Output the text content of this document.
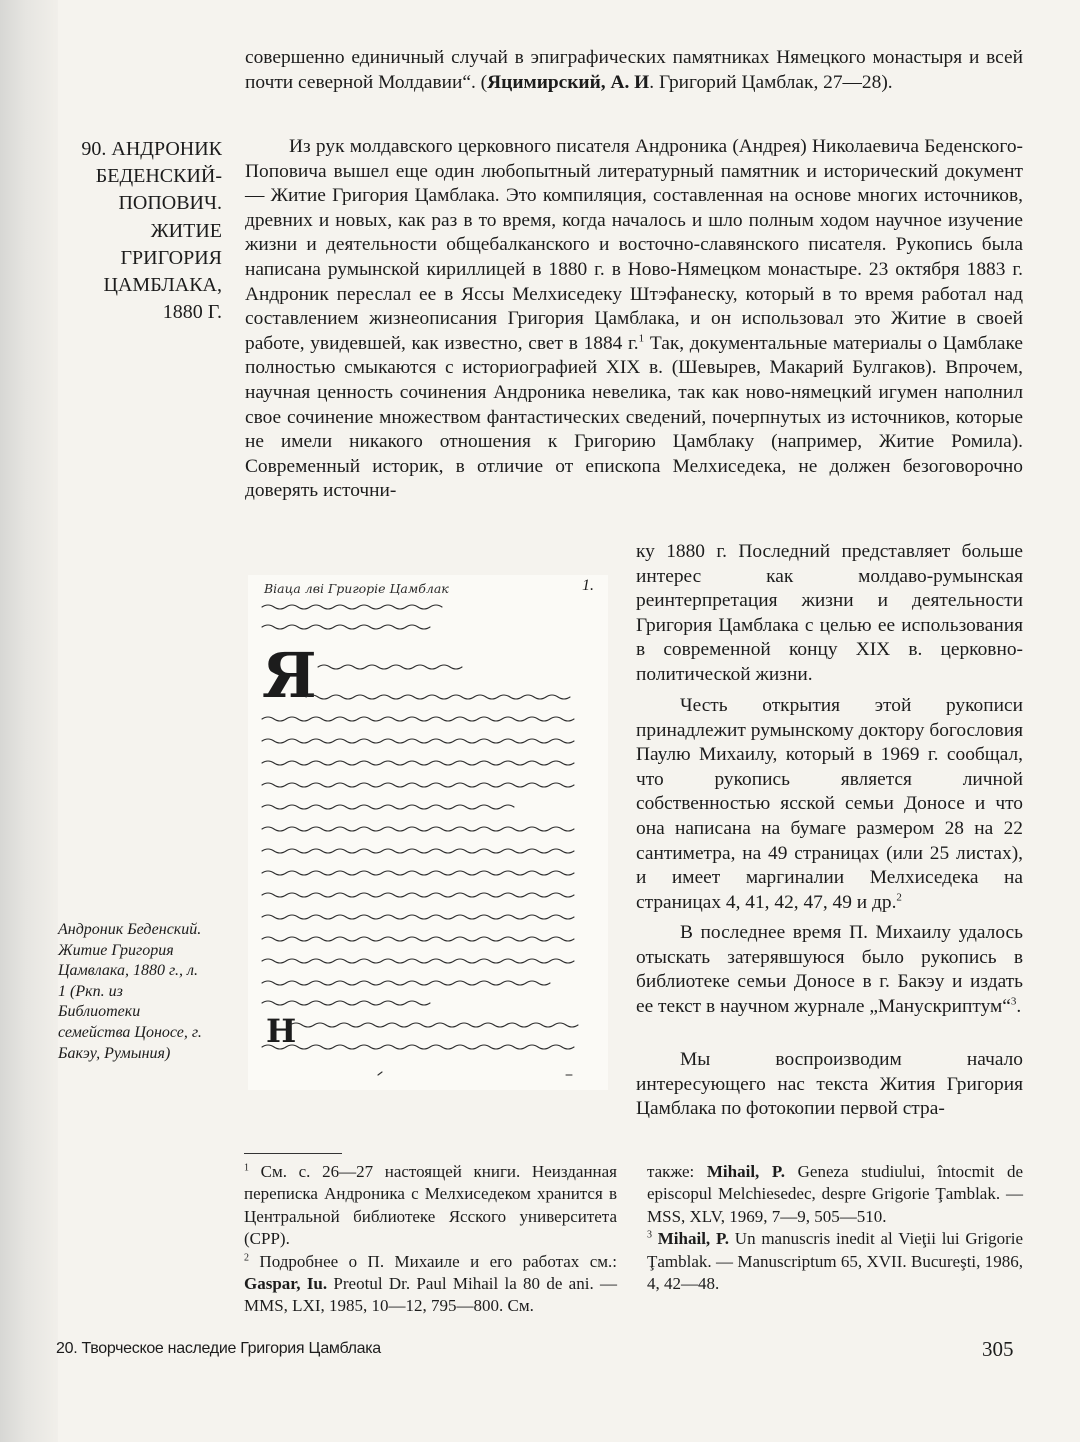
совершенно единичный случай в эпиграфических памятниках Нямецкого монастыря и всей почти северной Молдавии“. (Яцимирский, А. И. Григорий Цамблак, 27—28).

90. АНДРОНИК
БЕДЕНСКИЙ-
ПОПОВИЧ.
ЖИТИЕ
ГРИГОРИЯ
ЦАМБЛАКА,
1880 Г.

Из рук молдавского церковного писателя Андроника (Андрея) Николаевича Беденского-Поповича вышел еще один любопытный литературный памятник и исторический документ — Житие Григория Цамблака. Это компиляция, составленная на основе многих источников, древних и новых, как раз в то время, когда началось и шло полным ходом научное изучение жизни и деятельности общебалканского и восточно-славянского писателя. Рукопись была написана румынской кириллицей в 1880 г. в Ново-Нямецком монастыре. 23 октября 1883 г. Андроник переслал ее в Яссы Мелхиседеку Штэфанеску, который в то время работал над составлением жизнеописания Григория Цамблака, и он использовал это Житие в своей работе, увидевшей, как известно, свет в 1884 г.$^1$ Так, документальные материалы о Цамблаке полностью смыкаются с историографией XIX в. (Шевырев, Макарий Булгаков). Впрочем, научная ценность сочинения Андроника невелика, так как ново-нямецкий игумен наполнил свое сочинение множеством фантастических сведений, почерпнутых из источников, которые не имели никакого отношения к Григорию Цамблаку (например, Житие Ромила). Современный историк, в отличие от епископа Мелхиседека, не должен безоговорочно доверять источни-

ку 1880 г. Последний представляет больше интерес как молдаво-румынская реинтерпретация жизни и деятельности Григория Цамблака с целью ее использования в современной концу XIX в. церковно-политической жизни.

Честь открытия этой рукописи принадлежит румынскому доктору богословия Паулю Михаилу, который в 1969 г. сообщал, что рукопись является личной собственностью ясской семьи Доносе и что она написана на бумаге размером 28 на 22 сантиметра, на 49 страницах (или 25 листах), и имеет маргиналии Мелхиседека на страницах 4, 41, 42, 47, 49 и др.$^2$

В последнее время П. Михаилу удалось отыскать затерявшуюся было рукопись в библиотеке семьи Доносе в г. Бакэу и издать ее текст в научном журнале „Манускриптум“$^3$.

Мы воспроизводим начало интересующего нас текста Жития Григория Цамблака по фотокопии первой стра-

Віаца лві Григоріе Цамблак	1.
Я
Н
Андроник Беденский. Житие Григория Цамвлака, 1880 г., л. 1 (Ркп. из Библиотеки семейства Цоносе, г. Бакэу, Румыния)

$^1$ См. с. 26—27 настоящей книги. Неизданная переписка Андроника с Мелхиседеком хранится в Центральной библиотеке Ясского университета (СРР).
$^2$ Подробнее о П. Михаиле и его работах см.: Gaspar, Iu. Preotul Dr. Paul Mihail la 80 de ani. — MMS, LXI, 1985, 10—12, 795—800. См.

также: Mihail, P. Geneza studiului, întocmit de episcopul Melchiesedec, despre Grigorie Ţamblak. — MSS, XLV, 1969, 7—9, 505—510.
$^3$ Mihail, P. Un manuscris inedit al Vieţii lui Grigorie Ţamblak. — Manuscriptum 65, XVII. Bucureşti, 1986, 4, 42—48.

20. Творческое наследие Григория Цамблака	305
